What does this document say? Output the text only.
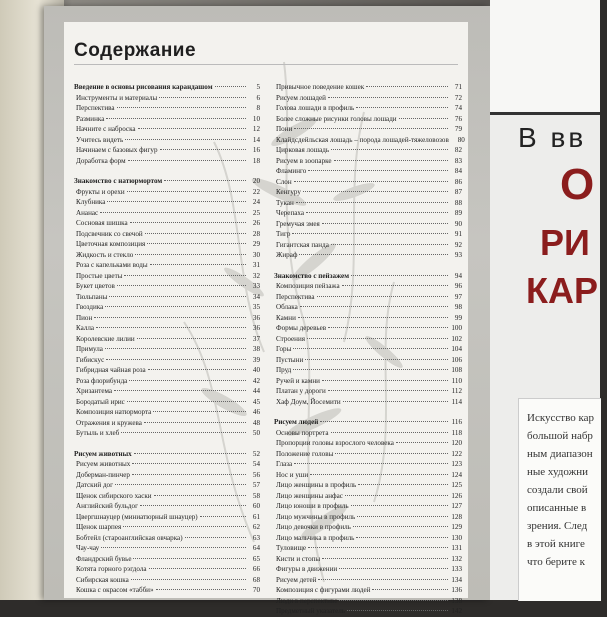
Содержание
Введение в основы рисования карандашом	5
Инструменты и материалы	6
Перспектива	8
Разминка	10
Начните с наброска	12
Учитесь видеть	14
Начинаем с базовых фигур	16
Доработка форм	18
Знакомство с натюрмортом	20
Фрукты и орехи	22
Клубника	24
Ананас	25
Сосновая шишка	26
Подсвечник со свечой	28
Цветочная композиция	29
Жидкость и стекло	30
Роза с капельками воды	31
Простые цветы	32
Букет цветов	33
Тюльпаны	34
Гвоздика	35
Пион	36
Калла	36
Королевские лилии	37
Примула	38
Гибискус	39
Гибридная чайная роза	40
Роза флорибунда	42
Хризантема	44
Бородатый ирис	45
Композиция натюрморта	46
Отражения и кружева	48
Бутыль и хлеб	50
Рисуем животных	52
Рисуем животных	54
Доберман-пинчер	56
Датский дог	57
Щенок сибирского хаски	58
Английский бульдог	60
Цвергшнауцер (миниатюрный шнауцер)	61
Щенок шарпея	62
Бобтейл (староанглийская овчарка)	63
Чау-чау	64
Фландрский бувье	65
Котята горного рэгдола	66
Сибирская кошка	68
Кошка с окрасом «табби»	70
Привычное поведение кошек	71
Рисуем лошадей	72
Голова лошади в профиль	74
Более сложные рисунки головы лошади	76
Пони	79
Клайдсдейльская лошадь – порода лошадей-тяжеловозов	80
Цирковая лошадь	82
Рисуем в зоопарке	83
Фламинго	84
Слон	86
Кенгуру	87
Тукан	88
Черепаха	89
Гремучая змея	90
Тигр	91
Гигантская панда	92
Жираф	93
Знакомство с пейзажем	94
Композиция пейзажа	96
Перспектива	97
Облака	98
Камни	99
Формы деревьев	100
Строения	102
Горы	104
Пустыни	106
Пруд	108
Ручей и камни	110
Платан у дороги	112
Хаф Доум, Йосемити	114
Рисуем людей	116
Основы портрета	118
Пропорции головы взрослого человека	120
Положение головы	122
Глаза	123
Нос и уши	124
Лицо женщины в профиль	125
Лицо женщины анфас	126
Лицо юноши в профиль	127
Лицо мужчины в профиль	128
Лицо девочки в профиль	129
Лицо мальчика в профиль	130
Туловище	131
Кисти и стопы	132
Фигуры в движении	133
Рисуем детей	134
Композиция с фигурами людей	136
Люди в перспективе	138
Предметный указатель	142
В вв
О
РИ
КАР
Искусство кар
большой набр
ным диапазон
ные художни
создали свой
описанные в
зрения. След
в этой книге
что берите к
